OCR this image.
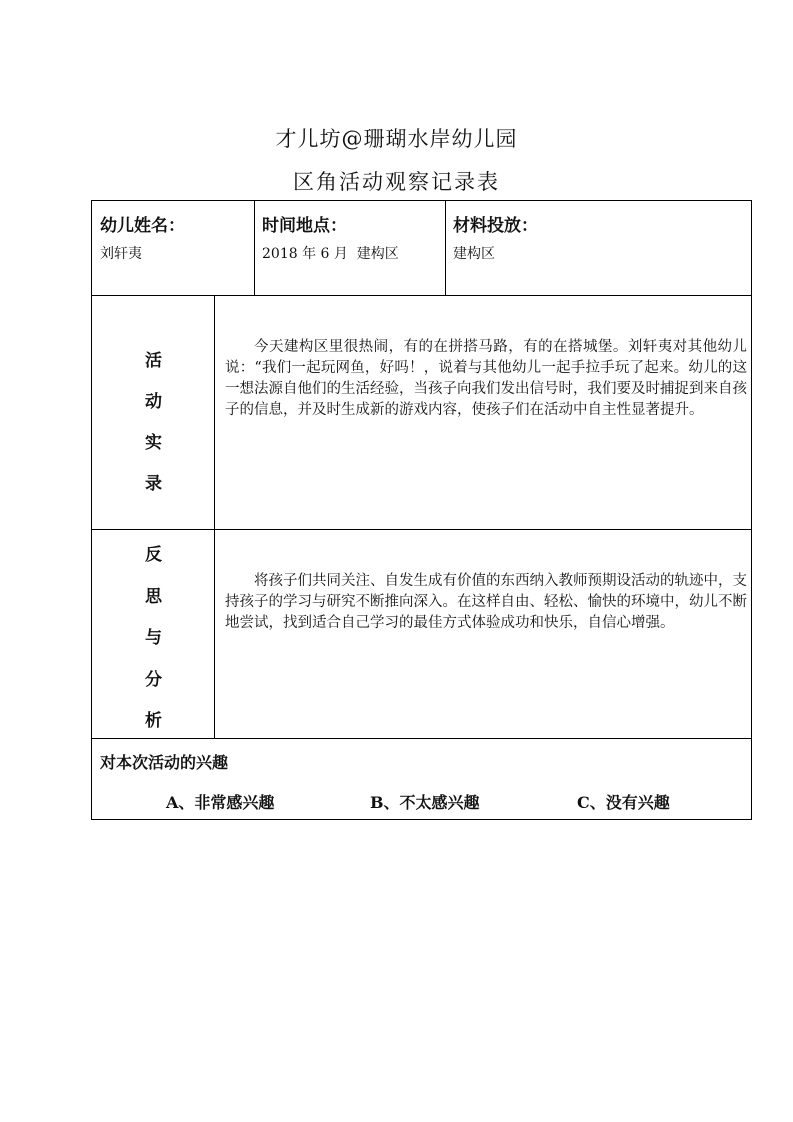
才儿坊@珊瑚水岸幼儿园
区角活动观察记录表
幼儿姓名：
刘轩夷
时间地点：
2018 年 6 月  建构区
材料投放：
建构区
活
动
实
录
今天建构区里很热闹，有的在拼搭马路，有的在搭城堡。刘轩夷对其他幼儿说：“我们一起玩网鱼，好吗！，说着与其他幼儿一起手拉手玩了起来。幼儿的这一想法源自他们的生活经验，当孩子向我们发出信号时，我们要及时捕捉到来自孩子的信息，并及时生成新的游戏内容，使孩子们在活动中自主性显著提升。
反
思
与
分
析
将孩子们共同关注、自发生成有价值的东西纳入教师预期设活动的轨迹中，支持孩子的学习与研究不断推向深入。在这样自由、轻松、愉快的环境中，幼儿不断地尝试，找到适合自己学习的最佳方式体验成功和快乐，自信心增强。
对本次活动的兴趣
A、非常感兴趣	B、不太感兴趣	C、没有兴趣
